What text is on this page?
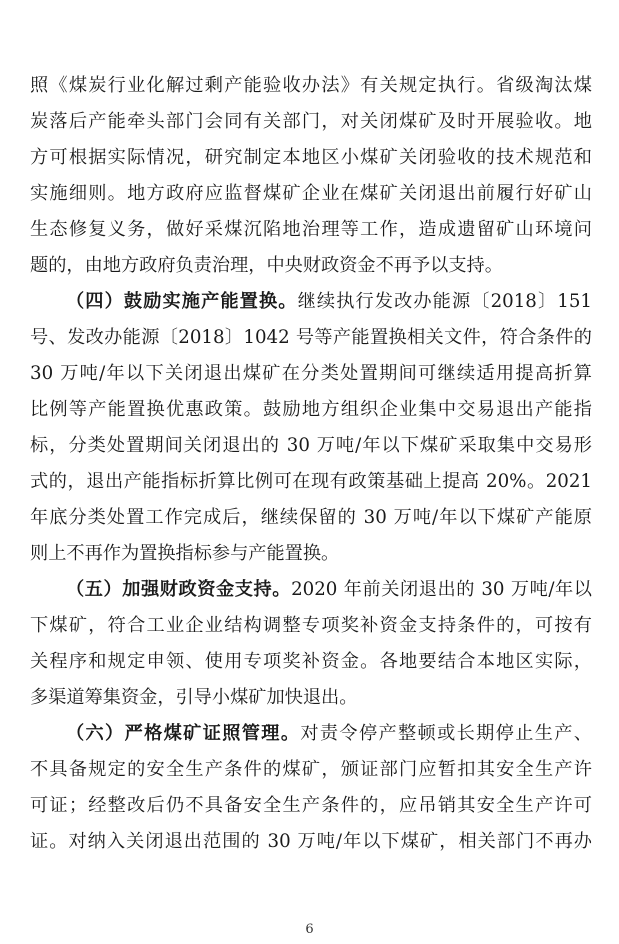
照《煤炭行业化解过剩产能验收办法》有关规定执行。省级淘汰煤
炭落后产能牵头部门会同有关部门，对关闭煤矿及时开展验收。地
方可根据实际情况，研究制定本地区小煤矿关闭验收的技术规范和
实施细则。地方政府应监督煤矿企业在煤矿关闭退出前履行好矿山
生态修复义务，做好采煤沉陷地治理等工作，造成遗留矿山环境问
题的，由地方政府负责治理，中央财政资金不再予以支持。
（四）鼓励实施产能置换。继续执行发改办能源〔2018〕151
号、发改办能源〔2018〕1042 号等产能置换相关文件，符合条件的
30 万吨/年以下关闭退出煤矿在分类处置期间可继续适用提高折算
比例等产能置换优惠政策。鼓励地方组织企业集中交易退出产能指
标，分类处置期间关闭退出的 30 万吨/年以下煤矿采取集中交易形
式的，退出产能指标折算比例可在现有政策基础上提高 20%。2021
年底分类处置工作完成后，继续保留的 30 万吨/年以下煤矿产能原
则上不再作为置换指标参与产能置换。
（五）加强财政资金支持。2020 年前关闭退出的 30 万吨/年以
下煤矿，符合工业企业结构调整专项奖补资金支持条件的，可按有
关程序和规定申领、使用专项奖补资金。各地要结合本地区实际，
多渠道筹集资金，引导小煤矿加快退出。
（六）严格煤矿证照管理。对责令停产整顿或长期停止生产、
不具备规定的安全生产条件的煤矿，颁证部门应暂扣其安全生产许
可证；经整改后仍不具备安全生产条件的，应吊销其安全生产许可
证。对纳入关闭退出范围的 30 万吨/年以下煤矿，相关部门不再办
6
